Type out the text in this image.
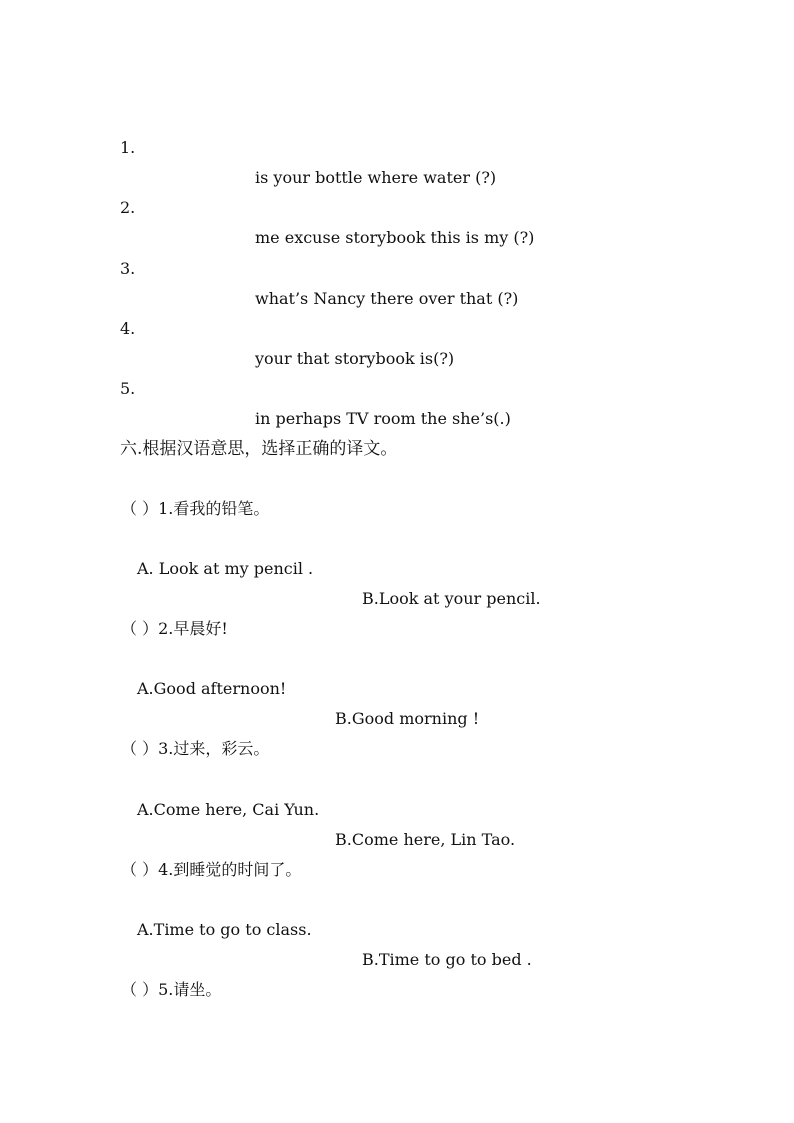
1.

is your bottle where water (?)

2.

me excuse storybook this is my (?)

3.

what’s Nancy there over that (?)

4.

your that storybook is(?)

5.

in perhaps TV room the she’s(.)

六.根据汉语意思，选择正确的译文。

（ ）1.看我的铅笔。

A. Look at my pencil .

B.Look at your pencil.

（ ）2.早晨好!

A.Good afternoon!

B.Good morning !

（ ）3.过来，彩云。

A.Come here, Cai Yun.

B.Come here, Lin Tao.

（ ）4.到睡觉的时间了。

A.Time to go to class.

B.Time to go to bed .

（ ）5.请坐。
